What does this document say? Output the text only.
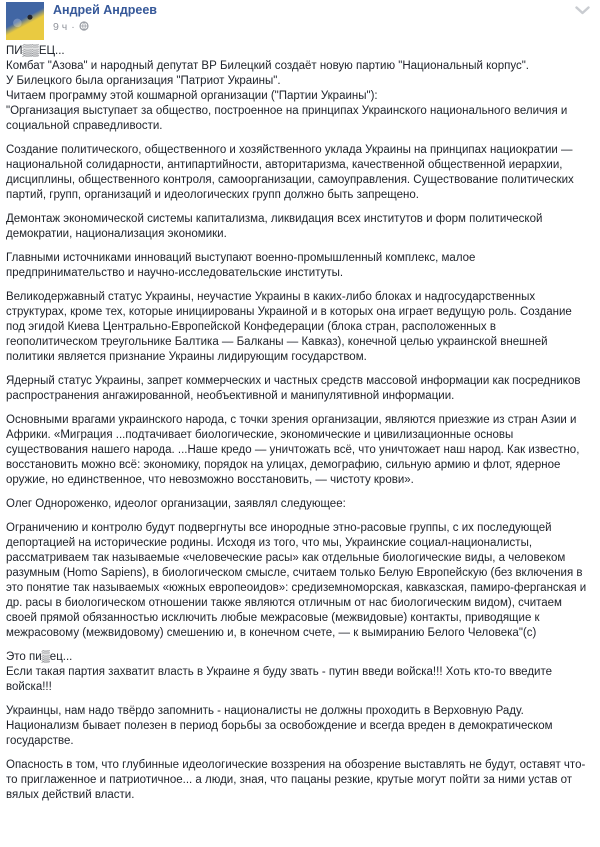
Андрей Андреев
9 ч ·

ПИ▒▒ЕЦ...
Комбат "Азова" и народный депутат ВР Билецкий создаёт новую партию "Национальный корпус".
У Билецкого была организация "Патриот Украины".
Читаем программу этой кошмарной организации ("Партии Украины"):
"Организация выступает за общество, построенное на принципах Украинского национального величия и социальной справедливости.

Создание политического, общественного и хозяйственного уклада Украины на принципах нациократии — национальной солидарности, антипартийности, авторитаризма, качественной общественной иерархии, дисциплины, общественного контроля, самоорганизации, самоуправления. Существование политических партий, групп, организаций и идеологических групп должно быть запрещено.

Демонтаж экономической системы капитализма, ликвидация всех институтов и форм политической демократии, национализация экономики.

Главными источниками инноваций выступают военно-промышленный комплекс, малое предпринимательство и научно-исследовательские институты.

Великодержавный статус Украины, неучастие Украины в каких-либо блоках и надгосударственных структурах, кроме тех, которые инициированы Украиной и в которых она играет ведущую роль. Создание под эгидой Киева Центрально-Европейской Конфедерации (блока стран, расположенных в геополитическом треугольнике Балтика — Балканы — Кавказ), конечной целью украинской внешней политики является признание Украины лидирующим государством.

Ядерный статус Украины, запрет коммерческих и частных средств массовой информации как посредников распространения ангажированной, необъективной и манипулятивной информации.

Основными врагами украинского народа, с точки зрения организации, являются приезжие из стран Азии и Африки. «Миграция ...подтачивает биологические, экономические и цивилизационные основы существования нашего народа. ...Наше кредо — уничтожать всё, что уничтожает наш народ. Как известно, восстановить можно всё: экономику, порядок на улицах, демографию, сильную армию и флот, ядерное оружие, но единственное, что невозможно восстановить, — чистоту крови».

Олег Однороженко, идеолог организации, заявлял следующее:

Ограничению и контролю будут подвергнуты все инородные этно-расовые группы, с их последующей депортацией на исторические родины. Исходя из того, что мы, Украинские социал-националисты, рассматриваем так называемые «человеческие расы» как отдельные биологические виды, а человеком разумным (Homo Sapiens), в биологическом смысле, считаем только Белую Европейскую (без включения в это понятие так называемых «южных европеоидов»: средиземноморская, кавказская, памиро-ферганская и др. расы в биологическом отношении также являются отличным от нас биологическим видом), считаем своей прямой обязанностью исключить любые межрасовые (межвидовые) контакты, приводящие к межрасовому (межвидовому) смешению и, в конечном счете, — к вымиранию Белого Человека"(с)

Это пи▒ец...
Если такая партия захватит власть в Украине я буду звать - путин введи войска!!! Хоть кто-то введите войска!!!

Украинцы, нам надо твёрдо запомнить - националисты не должны проходить в Верховную Раду. Национализм бывает полезен в период борьбы за освобождение и всегда вреден в демократическом государстве.

Опасность в том, что глубинные идеологические воззрения на обозрение выставлять не будут, оставят что-то приглаженное и патриотичное... а люди, зная, что пацаны резкие, крутые могут пойти за ними устав от вялых действий власти.
